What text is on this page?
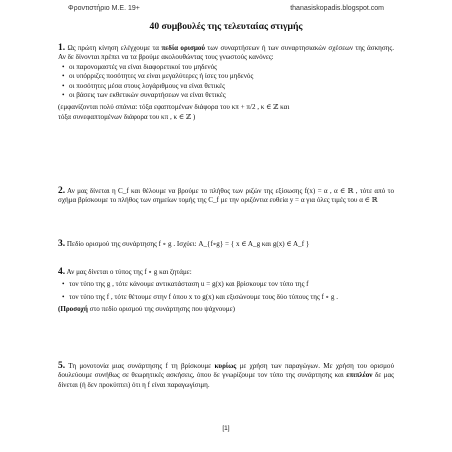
Φροντιστήριο Μ.Ε. 19+	thanasiskopadis.blogspot.com
40 συμβουλές της τελευταίας στιγμής

1. Ως πρώτη κίνηση ελέγχουμε τα πεδία ορισμού των συναρτήσεων ή των συναρτησιακών σχέσεων της άσκησης. Αν δε δίνονται πρέπει να τα βρούμε ακολουθώντας τους γνωστούς κανόνες:

• οι παρονομαστές να είναι διαφορετικοί του μηδενός

• οι υπόρριζες ποσότητες να είναι μεγαλύτερες ή ίσες του μηδενός

• οι ποσότητες μέσα στους λογάριθμους να είναι θετικές

• οι βάσεις των εκθετικών συναρτήσεων να είναι θετικές

(εμφανίζονται πολύ σπάνια: τόξα εφαπτομένων διάφορα του κπ + π/2 , κ ∈ ℤ και

τόξα συνεφαπτομένων διάφορα του κπ , κ ∈ ℤ )

2. Αν μας δίνεται η C_f και θέλουμε να βρούμε το πλήθος των ριζών της εξίσωσης f(x) = α , α ∈ ℝ , τότε από το σχήμα βρίσκουμε το πλήθος των σημείων τομής της C_f με την οριζόντια ευθεία y = α για όλες τιμές του α ∈ ℝ

3. Πεδίο ορισμού της συνάρτησης f ∘ g . Ισχύει: A_{f∘g} = { x ∈ A_g και g(x) ∈ A_f }

4. Αν μας δίνεται ο τύπος της f ∘ g και ζητάμε:

• τον τύπο της g , τότε κάνουμε αντικατάσταση u = g(x) και βρίσκουμε τον τύπο της f

• τον τύπο της f , τότε θέτουμε στην f όπου x το g(x) και εξισώνουμε τους δύο τύπους της f ∘ g .

(Προσοχή στο πεδίο ορισμού της συνάρτησης που ψάχνουμε)

5. Τη μονοτονία μιας συνάρτησης f τη βρίσκουμε κυρίως με χρήση των παραγώγων. Με χρήση του ορισμού δουλεύουμε συνήθως σε θεωρητικές ασκήσεις, όπου δε γνωρίζουμε τον τύπο της συνάρτησης και επιπλέον δε μας δίνεται (ή δεν προκύπτει) ότι η f είναι παραγωγίσιμη.

[1]
